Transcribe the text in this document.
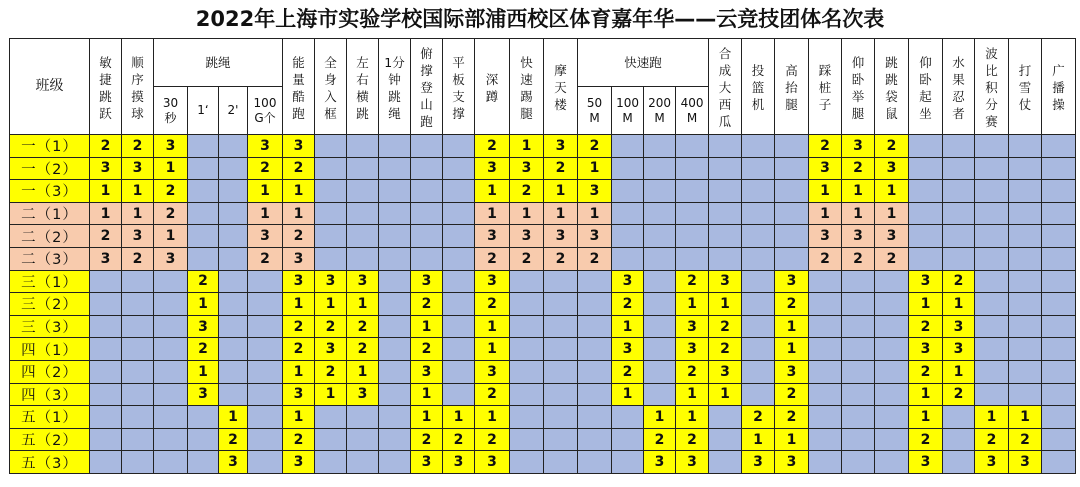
2022年上海市实验学校国际部浦西校区体育嘉年华——云竞技团体名次表
班级	敏
捷
跳
跃	顺
序
摸
球	跳绳				能
量
酷
跑	全
身
入
框	左
右
横
跳	1分
钟
跳
绳	俯
撑
登
山
跑	平
板
支
撑	深
蹲	快
速
踢
腿	摩
天
楼	快速跑				合
成
大
西
瓜	投
篮
机	高
抬
腿	踩
桩
子	仰
卧
举
腿	跳
跳
袋
鼠	仰
卧
起
坐	水
果
忍
者	波
比
积
分
赛	打
雪
仗	广
播
操	
			30
秒	1‘	2'	100
G个										50
M	100
M	200
M	400
M												
一（1）	2	2	3			3	3						2	1	3	2							2	3	2						
一（2）	3	3	1			2	2						3	3	2	1							3	2	3						
一（3）	1	1	2			1	1						1	2	1	3							1	1	1						
二（1）	1	1	2			1	1						1	1	1	1							1	1	1						
二（2）	2	3	1			3	2						3	3	3	3							3	3	3						
二（3）	3	2	3			2	3						2	2	2	2							2	2	2						
三（1）				2			3	3	3		3		3				3		2	3		3				3	2				
三（2）				1			1	1	1		2		2				2		1	1		2				1	1				
三（3）				3			2	2	2		1		1				1		3	2		1				2	3				
四（1）				2			2	3	2		2		1				3		3	2		1				3	3				
四（2）				1			1	2	1		3		3				2		2	3		3				2	1				
四（3）				3			3	1	3		1		2				1		1	1		2				1	2				
五（1）					1		1				1	1	1					1	1		2	2				1		1	1		
五（2）					2		2				2	2	2					2	2		1	1				2		2	2		
五（3）					3		3				3	3	3					3	3		3	3				3		3	3		
